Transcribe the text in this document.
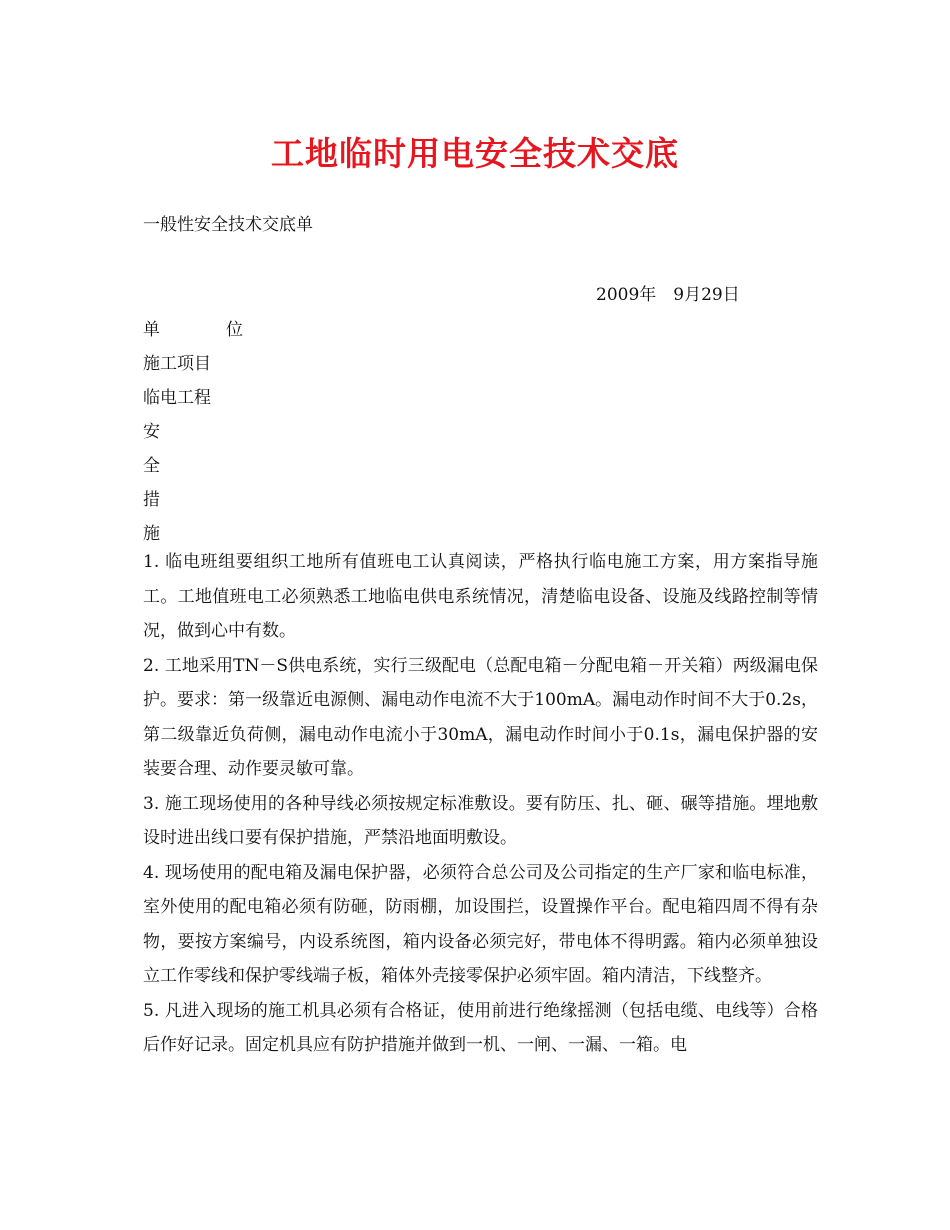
工地临时用电安全技术交底

一般性安全技术交底单

2009年　9月29日

单	位
施工项目
临电工程
安
全
措
施

1. 临电班组要组织工地所有值班电工认真阅读，严格执行临电施工方案，用方案指导施工。工地值班电工必须熟悉工地临电供电系统情况，清楚临电设备、设施及线路控制等情况，做到心中有数。

2. 工地采用TN－S供电系统，实行三级配电（总配电箱－分配电箱－开关箱）两级漏电保护。要求：第一级靠近电源侧、漏电动作电流不大于100mA。漏电动作时间不大于0.2s，第二级靠近负荷侧，漏电动作电流小于30mA，漏电动作时间小于0.1s，漏电保护器的安装要合理、动作要灵敏可靠。

3. 施工现场使用的各种导线必须按规定标准敷设。要有防压、扎、砸、碾等措施。埋地敷设时进出线口要有保护措施，严禁沿地面明敷设。

4. 现场使用的配电箱及漏电保护器，必须符合总公司及公司指定的生产厂家和临电标准，室外使用的配电箱必须有防砸，防雨棚，加设围拦，设置操作平台。配电箱四周不得有杂物，要按方案编号，内设系统图，箱内设备必须完好，带电体不得明露。箱内必须单独设立工作零线和保护零线端子板，箱体外壳接零保护必须牢固。箱内清洁，下线整齐。

5. 凡进入现场的施工机具必须有合格证，使用前进行绝缘摇测（包括电缆、电线等）合格后作好记录。固定机具应有防护措施并做到一机、一闸、一漏、一箱。电
